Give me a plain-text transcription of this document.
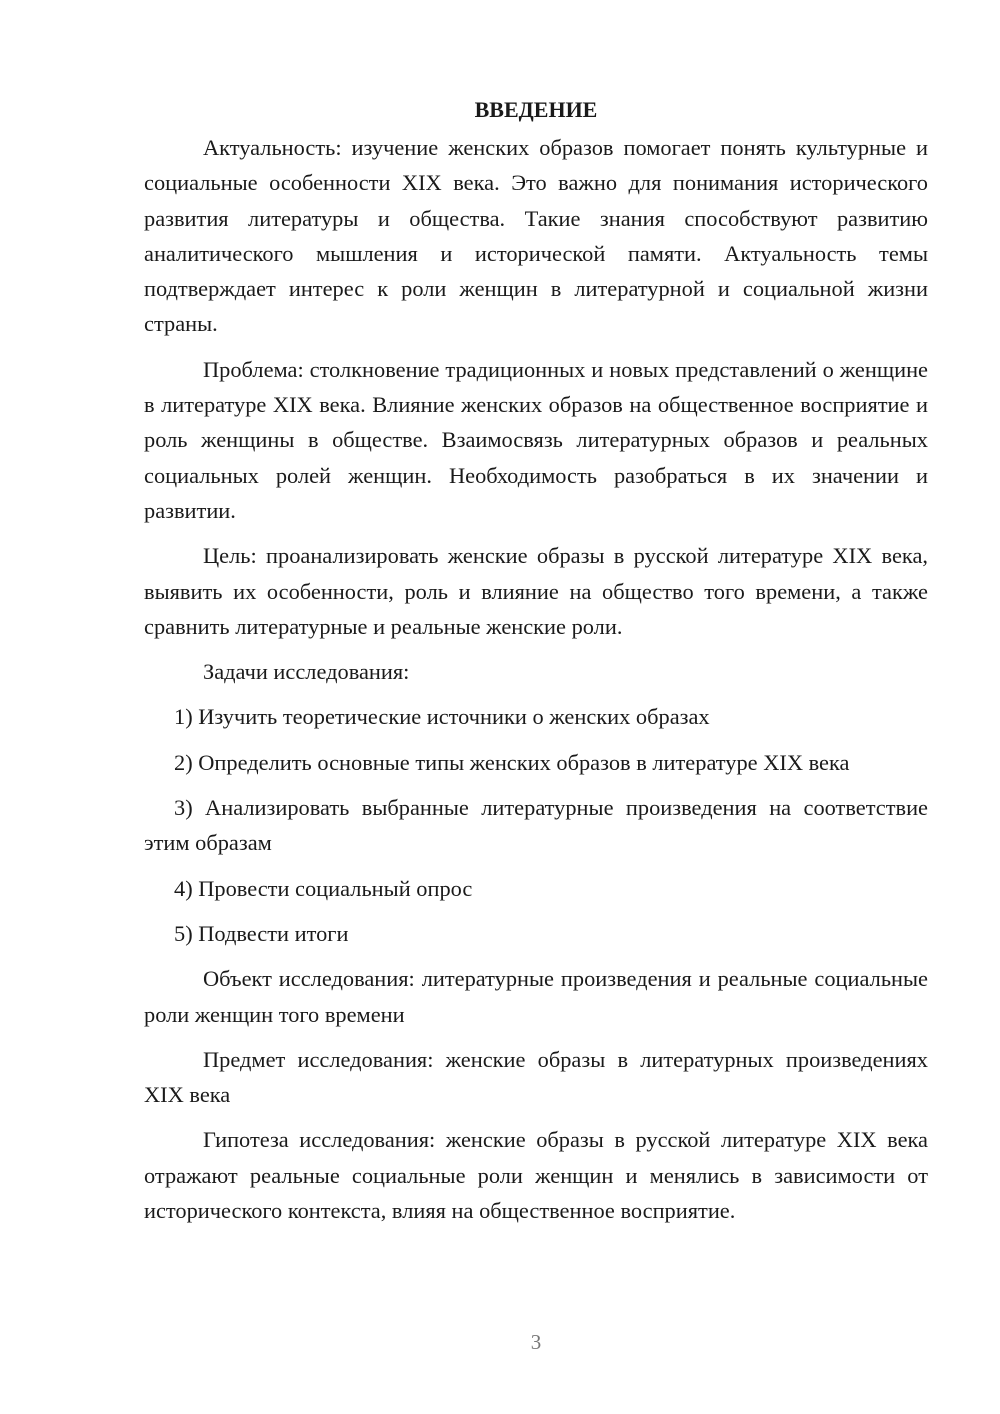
ВВЕДЕНИЕ

Актуальность: изучение женских образов помогает понять культурные и социальные особенности XIX века. Это важно для понимания исторического развития литературы и общества. Такие знания способствуют развитию аналитического мышления и исторической памяти. Актуальность темы подтверждает интерес к роли женщин в литературной и социальной жизни страны.

Проблема: столкновение традиционных и новых представлений о женщине в литературе XIX века. Влияние женских образов на общественное восприятие и роль женщины в обществе. Взаимосвязь литературных образов и реальных социальных ролей женщин. Необходимость разобраться в их значении и развитии.

Цель: проанализировать женские образы в русской литературе XIX века, выявить их особенности, роль и влияние на общество того времени, а также сравнить литературные и реальные женские роли.

Задачи исследования:

1) Изучить теоретические источники о женских образах

2) Определить основные типы женских образов в литературе XIX века

3) Анализировать выбранные литературные произведения на соответствие этим образам

4) Провести социальный опрос

5) Подвести итоги

Объект исследования: литературные произведения и реальные социальные роли женщин того времени

Предмет исследования: женские образы в литературных произведениях XIX века

Гипотеза исследования: женские образы в русской литературе XIX века отражают реальные социальные роли женщин и менялись в зависимости от исторического контекста, влияя на общественное восприятие.

3
